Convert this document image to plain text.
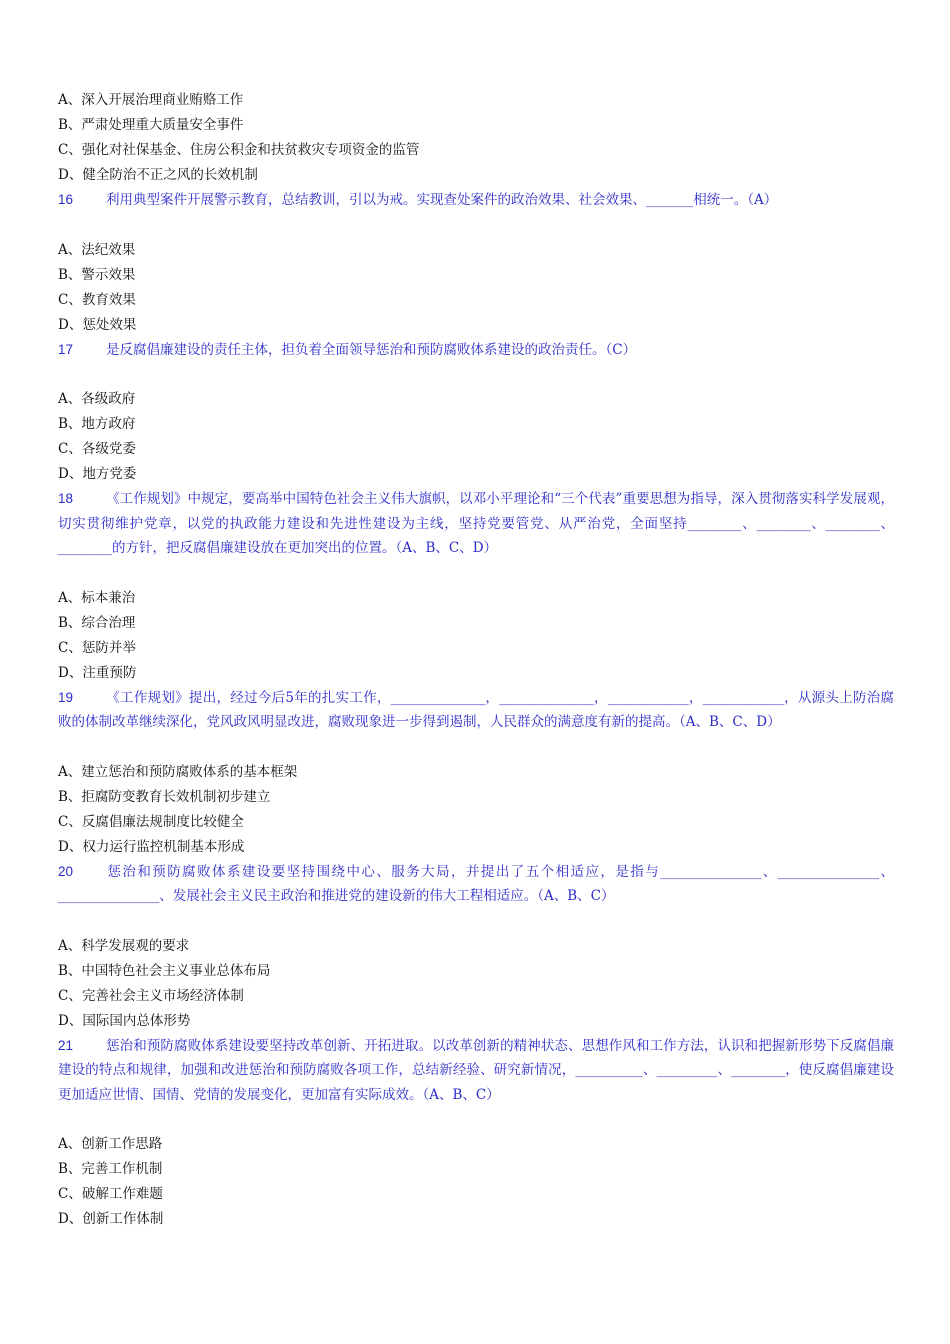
A、深入开展治理商业贿赂工作
B、严肃处理重大质量安全事件
C、强化对社保基金、住房公积金和扶贫救灾专项资金的监管
D、健全防治不正之风的长效机制
16 利用典型案件开展警示教育，总结教训，引以为戒。实现查处案件的政治效果、社会效果、_______相统一。（A）
A、法纪效果
B、警示效果
C、教育效果
D、惩处效果
17 是反腐倡廉建设的责任主体，担负着全面领导惩治和预防腐败体系建设的政治责任。（C）
A、各级政府
B、地方政府
C、各级党委
D、地方党委
18 《工作规划》中规定，要高举中国特色社会主义伟大旗帜，以邓小平理论和“三个代表”重要思想为指导，深入贯彻落实科学发展观，切实贯彻维护党章，以党的执政能力建设和先进性建设为主线，坚持党要管党、从严治党，全面坚持________、________、________、________的方针，把反腐倡廉建设放在更加突出的位置。（A、B、C、D）
A、标本兼治
B、综合治理
C、惩防并举
D、注重预防
19 《工作规划》提出，经过今后5年的扎实工作，______________，______________，____________，____________，从源头上防治腐败的体制改革继续深化，党风政风明显改进，腐败现象进一步得到遏制，人民群众的满意度有新的提高。（A、B、C、D）
A、建立惩治和预防腐败体系的基本框架
B、拒腐防变教育长效机制初步建立
C、反腐倡廉法规制度比较健全
D、权力运行监控机制基本形成
20 惩治和预防腐败体系建设要坚持围绕中心、服务大局，并提出了五个相适应，是指与_______________、_______________、_______________、发展社会主义民主政治和推进党的建设新的伟大工程相适应。（A、B、C）
A、科学发展观的要求
B、中国特色社会主义事业总体布局
C、完善社会主义市场经济体制
D、国际国内总体形势
21 惩治和预防腐败体系建设要坚持改革创新、开拓进取。以改革创新的精神状态、思想作风和工作方法，认识和把握新形势下反腐倡廉建设的特点和规律，加强和改进惩治和预防腐败各项工作，总结新经验、研究新情况，__________、_________、________，使反腐倡廉建设更加适应世情、国情、党情的发展变化，更加富有实际成效。（A、B、C）
A、创新工作思路
B、完善工作机制
C、破解工作难题
D、创新工作体制
